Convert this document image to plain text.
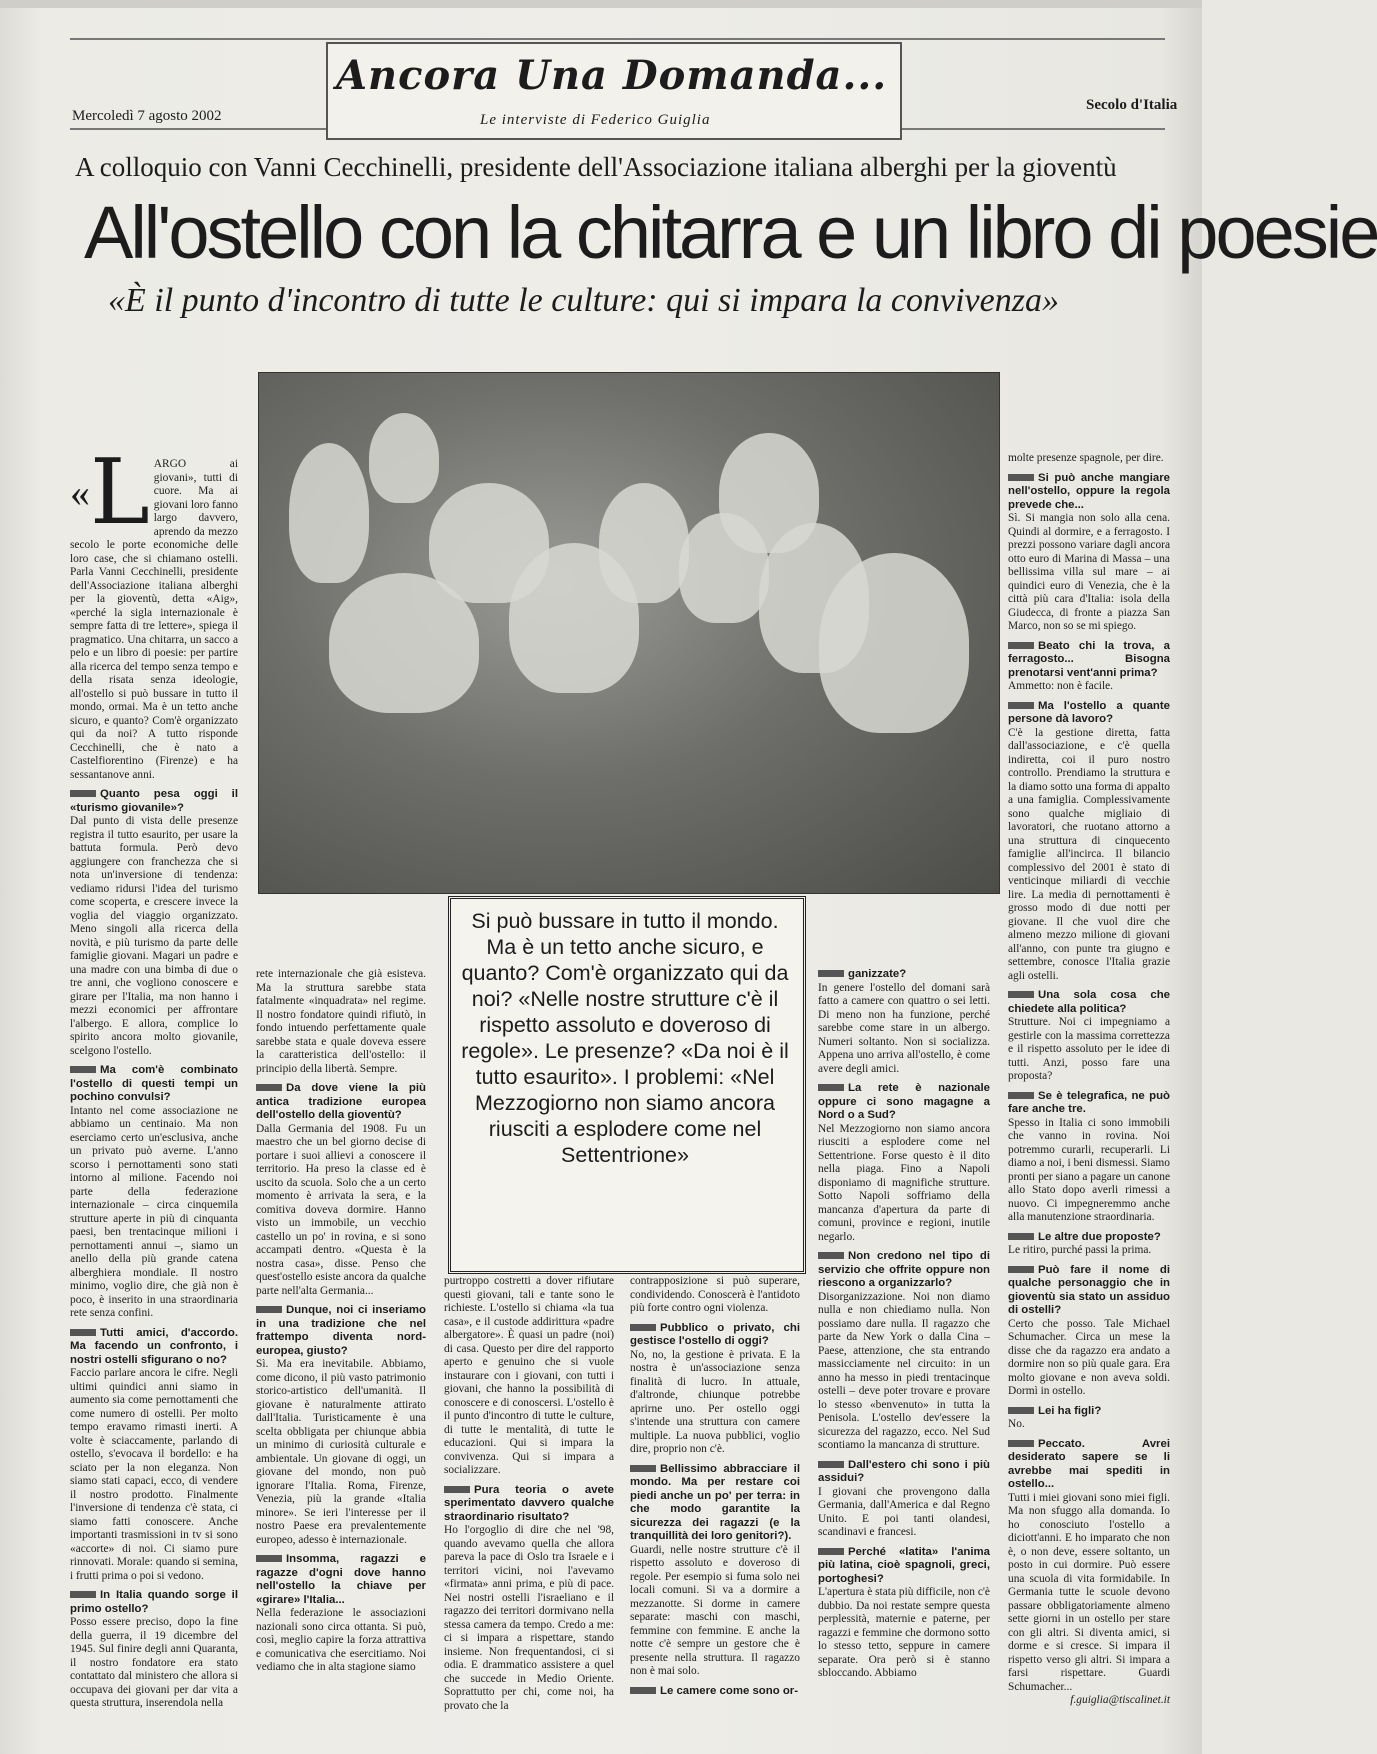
Ancora Una Domanda...
Le interviste di Federico Guiglia
Mercoledì 7 agosto 2002
Secolo d'Italia
A colloquio con Vanni Cecchinelli, presidente dell'Associazione italiana alberghi per la gioventù
All'ostello con la chitarra e un libro di poesie
«È il punto d'incontro di tutte le culture: qui si impara la convivenza»
Si può bussare in tutto il mondo. Ma è un tetto anche sicuro, e quanto? Com'è organizzato qui da noi? «Nelle nostre strutture c'è il rispetto assoluto e doveroso di regole». Le presenze? «Da noi è il tutto esaurito». I problemi: «Nel Mezzogiorno non siamo ancora riusciti a esplodere come nel Settentrione»
« L ARGO ai giovani», tutti di cuore. Ma ai giovani loro fanno largo davvero, aprendo da mezzo secolo le porte economiche delle loro case, che si chiamano ostelli. Parla Vanni Cecchinelli, presidente dell'Associazione italiana alberghi per la gioventù, detta «Aig», «perché la sigla internazionale è sempre fatta di tre lettere», spiega il pragmatico. Una chitarra, un sacco a pelo e un libro di poesie: per partire alla ricerca del tempo senza tempo e della risata senza ideologie, all'ostello si può bussare in tutto il mondo, ormai. Ma è un tetto anche sicuro, e quanto? Com'è organizzato qui da noi? A tutto risponde Cecchinelli, che è nato a Castelfiorentino (Firenze) e ha sessantanove anni.

Quanto pesa oggi il «turismo giovanile»?

Dal punto di vista delle presenze registra il tutto esaurito, per usare la battuta formula. Però devo aggiungere con franchezza che si nota un'inversione di tendenza: vediamo ridursi l'idea del turismo come scoperta, e crescere invece la voglia del viaggio organizzato. Meno singoli alla ricerca della novità, e più turismo da parte delle famiglie giovani. Magari un padre e una madre con una bimba di due o tre anni, che vogliono conoscere e girare per l'Italia, ma non hanno i mezzi economici per affrontare l'albergo. E allora, complice lo spirito ancora molto giovanile, scelgono l'ostello.

Ma com'è combinato l'ostello di questi tempi un pochino convulsi?

Intanto nel come associazione ne abbiamo un centinaio. Ma non eserciamo certo un'esclusiva, anche un privato può averne. L'anno scorso i pernottamenti sono stati intorno al milione. Facendo noi parte della federazione internazionale – circa cinquemila strutture aperte in più di cinquanta paesi, ben trentacinque milioni i pernottamenti annui –, siamo un anello della più grande catena alberghiera mondiale. Il nostro minimo, voglio dire, che già non è poco, è inserito in una straordinaria rete senza confini.

Tutti amici, d'accordo. Ma facendo un confronto, i nostri ostelli sfigurano o no?

Faccio parlare ancora le cifre. Negli ultimi quindici anni siamo in aumento sia come pernottamenti che come numero di ostelli. Per molto tempo eravamo rimasti inerti. A volte è sciaccamente, parlando di ostello, s'evocava il bordello: e ha sciato per la non eleganza. Non siamo stati capaci, ecco, di vendere il nostro prodotto. Finalmente l'inversione di tendenza c'è stata, ci siamo fatti conoscere. Anche importanti trasmissioni in tv si sono «accorte» di noi. Ci siamo pure rinnovati. Morale: quando si semina, i frutti prima o poi si vedono.

In Italia quando sorge il primo ostello?

Posso essere preciso, dopo la fine della guerra, il 19 dicembre del 1945. Sul finire degli anni Quaranta, il nostro fondatore era stato contattato dal ministero che allora si occupava dei giovani per dar vita a questa struttura, inserendola nella

rete internazionale che già esisteva. Ma la struttura sarebbe stata fatalmente «inquadrata» nel regime. Il nostro fondatore quindi rifiutò, in fondo intuendo perfettamente quale sarebbe stata e quale doveva essere la caratteristica dell'ostello: il principio della libertà. Sempre.

Da dove viene la più antica tradizione europea dell'ostello della gioventù?

Dalla Germania del 1908. Fu un maestro che un bel giorno decise di portare i suoi allievi a conoscere il territorio. Ha preso la classe ed è uscito da scuola. Solo che a un certo momento è arrivata la sera, e la comitiva doveva dormire. Hanno visto un immobile, un vecchio castello un po' in rovina, e si sono accampati dentro. «Questa è la nostra casa», disse. Penso che quest'ostello esiste ancora da qualche parte nell'alta Germania...

Dunque, noi ci inseriamo in una tradizione che nel frattempo diventa nord-europea, giusto?

Sì. Ma era inevitabile. Abbiamo, come dicono, il più vasto patrimonio storico-artistico dell'umanità. Il giovane è naturalmente attirato dall'Italia. Turisticamente è una scelta obbligata per chiunque abbia un minimo di curiosità culturale e ambientale. Un giovane di oggi, un giovane del mondo, non può ignorare l'Italia. Roma, Firenze, Venezia, più la grande «Italia minore». Se ieri l'interesse per il nostro Paese era prevalentemente europeo, adesso è internazionale.

Insomma, ragazzi e ragazze d'ogni dove hanno nell'ostello la chiave per «girare» l'Italia...

Nella federazione le associazioni nazionali sono circa ottanta. Si può, così, meglio capire la forza attrattiva e comunicativa che esercitiamo. Noi vediamo che in alta stagione siamo

purtroppo costretti a dover rifiutare questi giovani, tali e tante sono le richieste. L'ostello si chiama «la tua casa», e il custode addirittura «padre albergatore». È quasi un padre (noi) di casa. Questo per dire del rapporto aperto e genuino che si vuole instaurare con i giovani, con tutti i giovani, che hanno la possibilità di conoscere e di conoscersi. L'ostello è il punto d'incontro di tutte le culture, di tutte le mentalità, di tutte le educazioni. Qui si impara la convivenza. Qui si impara a socializzare.

Pura teoria o avete sperimentato davvero qualche straordinario risultato?

Ho l'orgoglio di dire che nel '98, quando avevamo quella che allora pareva la pace di Oslo tra Israele e i territori vicini, noi l'avevamo «firmata» anni prima, e più di pace. Nei nostri ostelli l'israeliano e il ragazzo dei territori dormivano nella stessa camera da tempo. Credo a me: ci si impara a rispettare, stando insieme. Non frequentandosi, ci si odia. E drammatico assistere a quel che succede in Medio Oriente. Soprattutto per chi, come noi, ha provato che la

contrapposizione si può superare, condividendo. Conoscerà è l'antidoto più forte contro ogni violenza.

Pubblico o privato, chi gestisce l'ostello di oggi?

No, no, la gestione è privata. E la nostra è un'associazione senza finalità di lucro. In attuale, d'altronde, chiunque potrebbe aprirne uno. Per ostello oggi s'intende una struttura con camere multiple. La nuova pubblici, voglio dire, proprio non c'è.

Bellissimo abbracciare il mondo. Ma per restare coi piedi anche un po' per terra: in che modo garantite la sicurezza dei ragazzi (e la tranquillità dei loro genitori?).

Guardi, nelle nostre strutture c'è il rispetto assoluto e doveroso di regole. Per esempio si fuma solo nei locali comuni. Si va a dormire a mezzanotte. Si dorme in camere separate: maschi con maschi, femmine con femmine. E anche la notte c'è sempre un gestore che è presente nella struttura. Il ragazzo non è mai solo.

Le camere come sono or-
ganizzate?

In genere l'ostello del domani sarà fatto a camere con quattro o sei letti. Di meno non ha funzione, perché sarebbe come stare in un albergo. Numeri soltanto. Non si socializza. Appena uno arriva all'ostello, è come avere degli amici.

La rete è nazionale oppure ci sono magagne a Nord o a Sud?

Nel Mezzogiorno non siamo ancora riusciti a esplodere come nel Settentrione. Forse questo è il dito nella piaga. Fino a Napoli disponiamo di magnifiche strutture. Sotto Napoli soffriamo della mancanza d'apertura da parte di comuni, province e regioni, inutile negarlo.

Non credono nel tipo di servizio che offrite oppure non riescono a organizzarlo?

Disorganizzazione. Noi non diamo nulla e non chiediamo nulla. Non possiamo dare nulla. Il ragazzo che parte da New York o dalla Cina – Paese, attenzione, che sta entrando massicciamente nel circuito: in un anno ha messo in piedi trentacinque ostelli – deve poter trovare e provare lo stesso «benvenuto» in tutta la Penisola. L'ostello dev'essere la sicurezza del ragazzo, ecco. Nel Sud scontiamo la mancanza di strutture.

Dall'estero chi sono i più assidui?

I giovani che provengono dalla Germania, dall'America e dal Regno Unito. E poi tanti olandesi, scandinavi e francesi.

Perché «latita» l'anima più latina, cioè spagnoli, greci, portoghesi?

L'apertura è stata più difficile, non c'è dubbio. Da noi restate sempre questa perplessità, maternie e paterne, per ragazzi e femmine che dormono sotto lo stesso tetto, seppure in camere separate. Ora però si è stanno sbloccando. Abbiamo

molte presenze spagnole, per dire.

Si può anche mangiare nell'ostello, oppure la regola prevede che...

Sì. Si mangia non solo alla cena. Quindi al dormire, e a ferragosto. I prezzi possono variare dagli ancora otto euro di Marina di Massa – una bellissima villa sul mare – ai quindici euro di Venezia, che è la città più cara d'Italia: isola della Giudecca, di fronte a piazza San Marco, non so se mi spiego.

Beato chi la trova, a ferragosto... Bisogna prenotarsi vent'anni prima?

Ammetto: non è facile.

Ma l'ostello a quante persone dà lavoro?

C'è la gestione diretta, fatta dall'associazione, e c'è quella indiretta, coi il puro nostro controllo. Prendiamo la struttura e la diamo sotto una forma di appalto a una famiglia. Complessivamente sono qualche migliaio di lavoratori, che ruotano attorno a una struttura di cinquecento famiglie all'incirca. Il bilancio complessivo del 2001 è stato di venticinque miliardi di vecchie lire. La media di pernottamenti è grosso modo di due notti per giovane. Il che vuol dire che almeno mezzo milione di giovani all'anno, con punte tra giugno e settembre, conosce l'Italia grazie agli ostelli.

Una sola cosa che chiedete alla politica?

Strutture. Noi ci impegniamo a gestirle con la massima correttezza e il rispetto assoluto per le idee di tutti. Anzi, posso fare una proposta?

Se è telegrafica, ne può fare anche tre.

Spesso in Italia ci sono immobili che vanno in rovina. Noi potremmo curarli, recuperarli. Li diamo a noi, i beni dismessi. Siamo pronti per siano a pagare un canone allo Stato dopo averli rimessi a nuovo. Ci impegneremmo anche alla manutenzione straordinaria.

Le altre due proposte?

Le ritiro, purché passi la prima.

Può fare il nome di qualche personaggio che in gioventù sia stato un assiduo di ostelli?

Certo che posso. Tale Michael Schumacher. Circa un mese la disse che da ragazzo era andato a dormire non so più quale gara. Era molto giovane e non aveva soldi. Dormì in ostello.

Lei ha figli?

No.

Peccato. Avrei desiderato sapere se li avrebbe mai spediti in ostello...

Tutti i miei giovani sono miei figli. Ma non sfuggo alla domanda. Io ho conosciuto l'ostello a diciott'anni. E ho imparato che non è, o non deve, essere soltanto, un posto in cui dormire. Può essere una scuola di vita formidabile. In Germania tutte le scuole devono passare obbligatoriamente almeno sette giorni in un ostello per stare con gli altri. Si diventa amici, si dorme e si cresce. Si impara il rispetto verso gli altri. Si impara a farsi rispettare. Guardi Schumacher...

f.guiglia@tiscalinet.it
